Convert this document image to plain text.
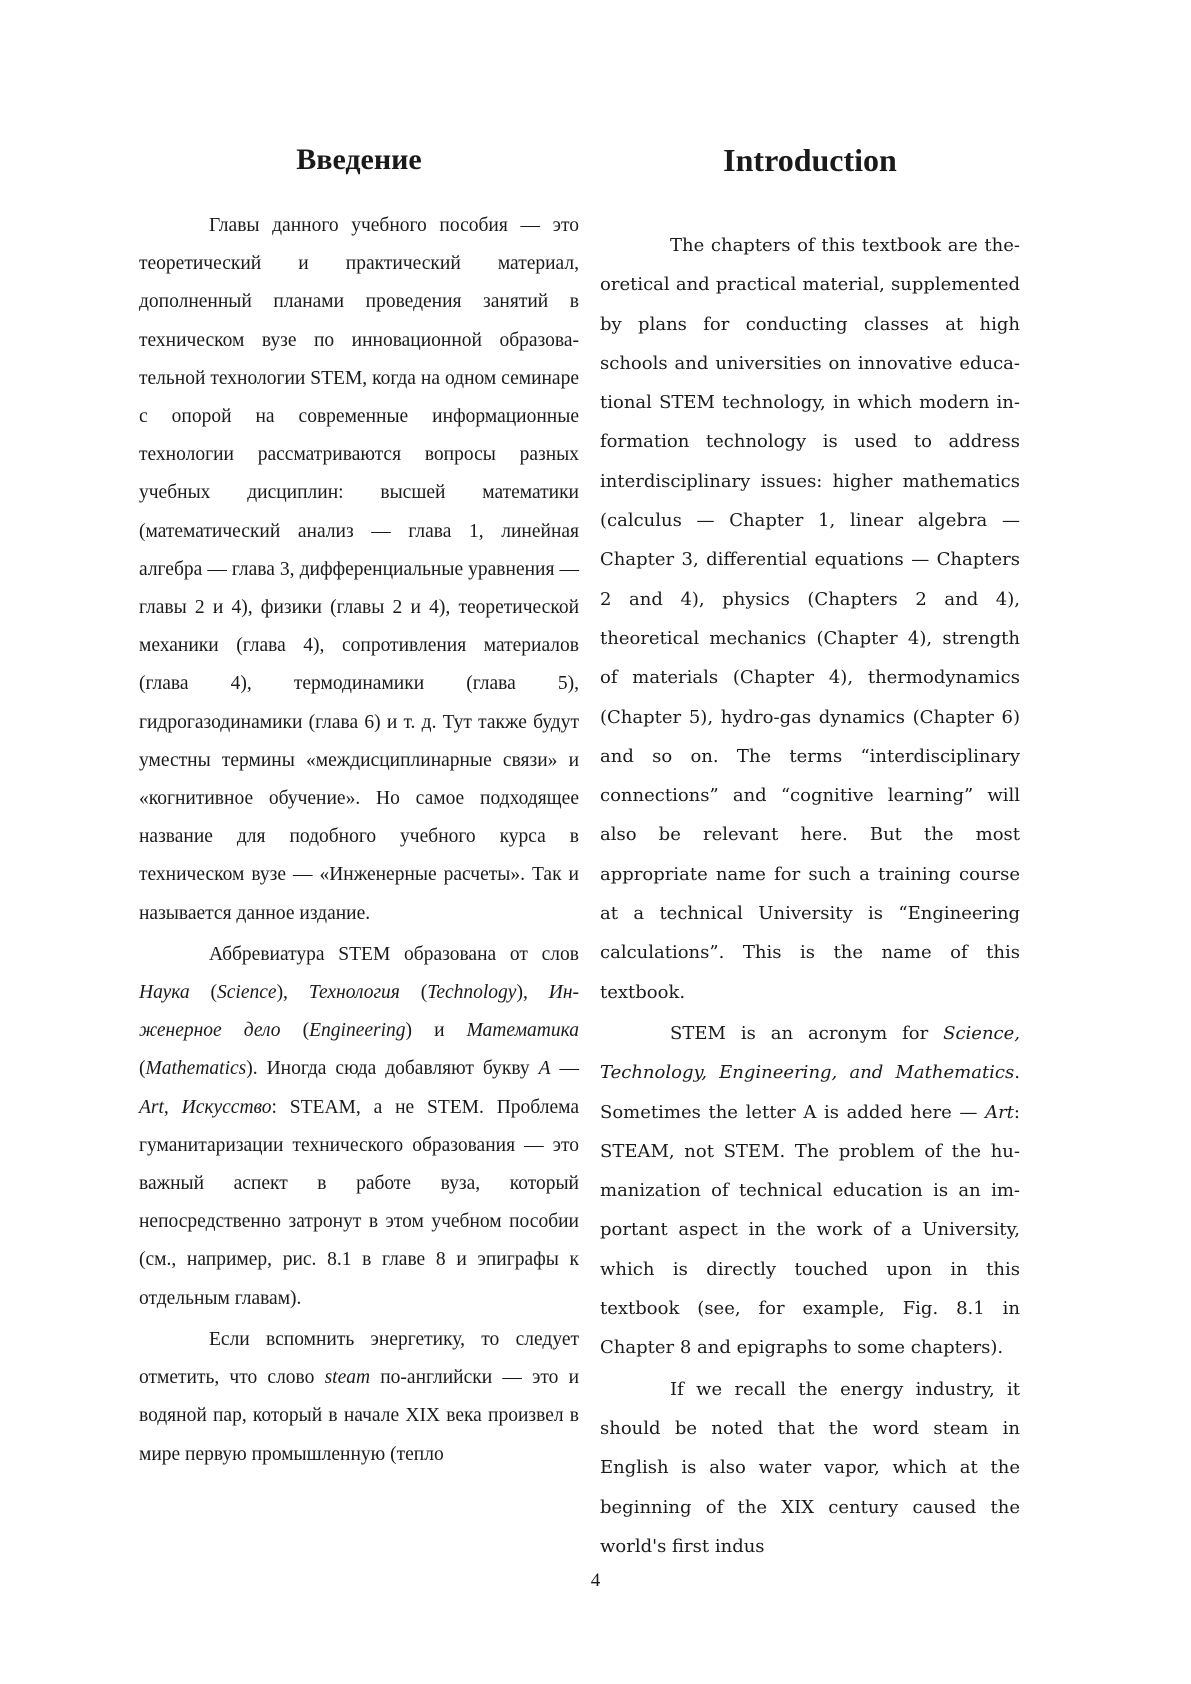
Введение

Главы данного учебного пособия — это теоретический и практический материал, дополненный планами проведения занятий в техническом вузе по инновационной образовательной технологии STEM, когда на одном семинаре с опорой на современные информационные технологии рассматриваются вопросы разных учебных дисциплин: высшей математики (математический анализ — глава 1, линейная алгебра — глава 3, дифференциальные уравнения — главы 2 и 4), физики (главы 2 и 4), теоретической механики (глава 4), сопротивления материалов (глава 4), термодинамики (глава 5), гидрогазодинамики (глава 6) и т. д. Тут также будут уместны термины «междисциплинарные связи» и «когнитивное обучение». Но самое подходящее название для подобного учебного курса в техническом вузе — «Инженерные расчеты». Так и называется данное издание.

Аббревиатура STEM образована от слов Наука (Science), Технология (Technology), Инженерное дело (Engineering) и Математика (Mathematics). Иногда сюда добавляют букву А — Art, Искусство: STEAM, а не STEM. Проблема гуманитаризации технического образования — это важный аспект в работе вуза, который непосредственно затронут в этом учебном пособии (см., например, рис. 8.1 в главе 8 и эпиграфы к отдельным главам).

Если вспомнить энергетику, то следует отметить, что слово steam по-английски — это и водяной пар, который в начале XIX века произвел в мире первую промышленную (тепло

Introduction

The chapters of this textbook are theoretical and practical material, supplemented by plans for conducting classes at high schools and universities on innovative educational STEM technology, in which modern information technology is used to address interdisciplinary issues: higher mathematics (calculus — Chapter 1, linear algebra — Chapter 3, differential equations — Chapters 2 and 4), physics (Chapters 2 and 4), theoretical mechanics (Chapter 4), strength of materials (Chapter 4), thermodynamics (Chapter 5), hydro-gas dynamics (Chapter 6) and so on. The terms “interdisciplinary connections” and “cognitive learning” will also be relevant here. But the most appropriate name for such a training course at a technical University is “Engineering calculations”. This is the name of this textbook.

STEM is an acronym for Science, Technology, Engineering, and Mathematics. Sometimes the letter A is added here — Art: STEAM, not STEM. The problem of the humanization of technical education is an important aspect in the work of a University, which is directly touched upon in this textbook (see, for example, Fig. 8.1 in Chapter 8 and epigraphs to some chapters).

If we recall the energy industry, it should be noted that the word steam in English is also water vapor, which at the beginning of the XIX century caused the world's first indus

4
